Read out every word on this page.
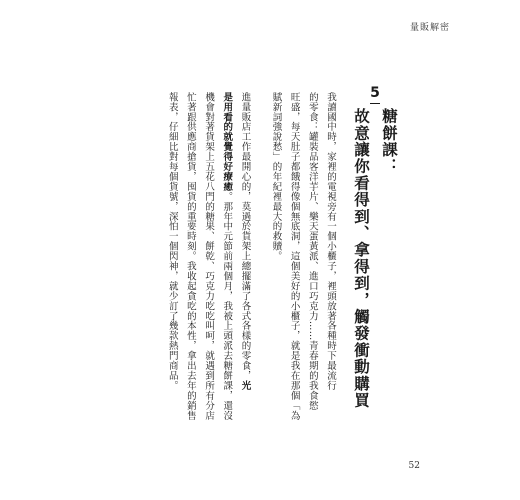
量販解密
5
糖餅課：
故意讓你看得到、拿得到，觸發衝動購買
我讀國中時，家裡的電視旁有一個小櫃子，裡頭放著各種時下最流行
的零食：罐裝品客洋芋片、樂天蛋黃派、進口巧克力……青春期的我食慾
旺盛，每天肚子都餓得像個無底洞，這個美好的小櫃子，就是我在那個「為
賦新詞強說愁」的年紀裡最大的救贖。
進量販店工作最開心的，莫過於貨架上總擺滿了各式各樣的零食，光
是用看的就覺得好療癒。那年中元節前兩個月，我被上頭派去糖餅課，還沒
機會對著貨架上五花八門的糖果、餅乾、巧克力吃吃叫呵，就遇到所有分店
忙著跟供應商搶貨，囤貨的重要時刻。我收起貪吃的本性，拿出去年的銷售
報表，仔細比對每個貨號，深怕一個閃神，就少訂了幾款熱門商品。
52
